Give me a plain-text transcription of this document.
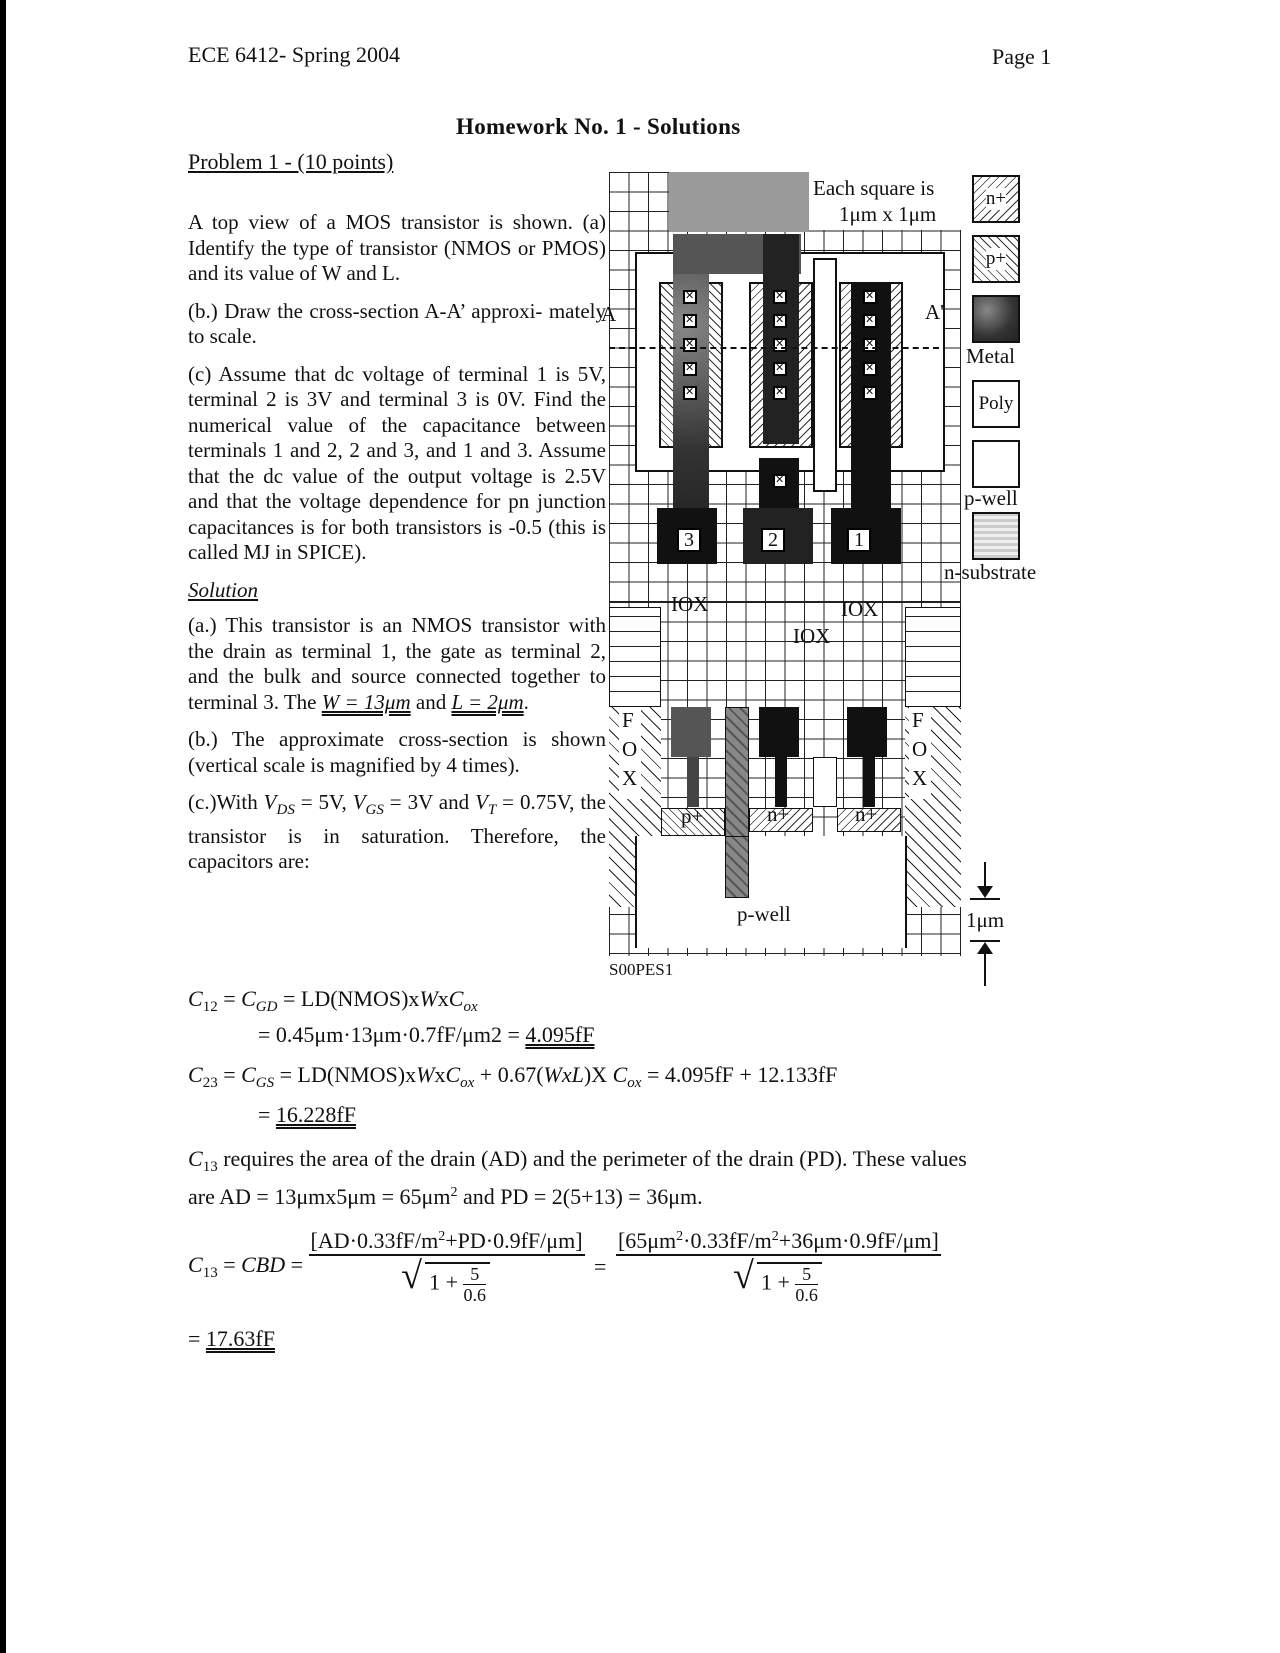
ECE 6412- Spring 2004	Page 1
Homework No. 1 - Solutions
Problem 1 - (10 points)

A top view of a MOS transistor is shown. (a) Identify the type of transistor (NMOS or PMOS) and its value of W and L.

(b.) Draw the cross-section A-A’ approxi- mately to scale.

(c) Assume that dc voltage of terminal 1 is 5V, terminal 2 is 3V and terminal 3 is 0V. Find the numerical value of the capacitance between terminals 1 and 2, 2 and 3, and 1 and 3. Assume that the dc value of the output voltage is 2.5V and that the voltage dependence for pn junction capacitances is for both transistors is -0.5 (this is called MJ in SPICE).

Solution

(a.) This transistor is an NMOS transistor with the drain as terminal 1, the gate as terminal 2, and the bulk and source connected together to terminal 3. The W = 13μm and L = 2μm.

(b.) The approximate cross-section is shown (vertical scale is magnified by 4 times).

(c.)With $V_{DS} = 5V$, $V_{GS} = 3V$ and $V_T = 0.75V$, the transistor is in saturation. Therefore, the capacitors are:

$C_{12} = C_{GD}$ = LD(NMOS)xWxC$_{ox}$
= 0.45μm·13μm·0.7fF/μm2 = 4.095fF
$C_{23} = C_{GS}$ = LD(NMOS)xWxC$_{ox}$ + 0.67(WxL)X $C_{ox} = 4.095fF + 12.133fF$
= 16.228fF
$C_{13}$ requires the area of the drain (AD) and the perimeter of the drain (PD). These values
are AD = $13\mu mx5\mu m = 65\mu m^2$ and PD = 2(5+13) = 36μm.
$C_{13}$ = CBD = $[AD\cdot 0.33fF/m^2+PD\cdot 0.9fF/\mu m]$
√ $1 + \frac{5}{0.6} = [65\mu m^2\cdot 0.33fF/m^2+36\mu m\cdot 0.9fF/\mu m]$
√ $1 + \frac{5}{0.6}$
= 17.63fF
Each square is
1μm x 1μm
3	2	1
✕
✕
✕
✕
✕
✕
✕
✕
✕
✕
✕
✕
✕
✕
✕
✕
A	A'
IOX
IOX
IOX
F
O
X
F
O
X
p+	n+	n+
p-well
S00PES1
n+
p+
Metal
Poly
p-well
n-substrate
1μm
